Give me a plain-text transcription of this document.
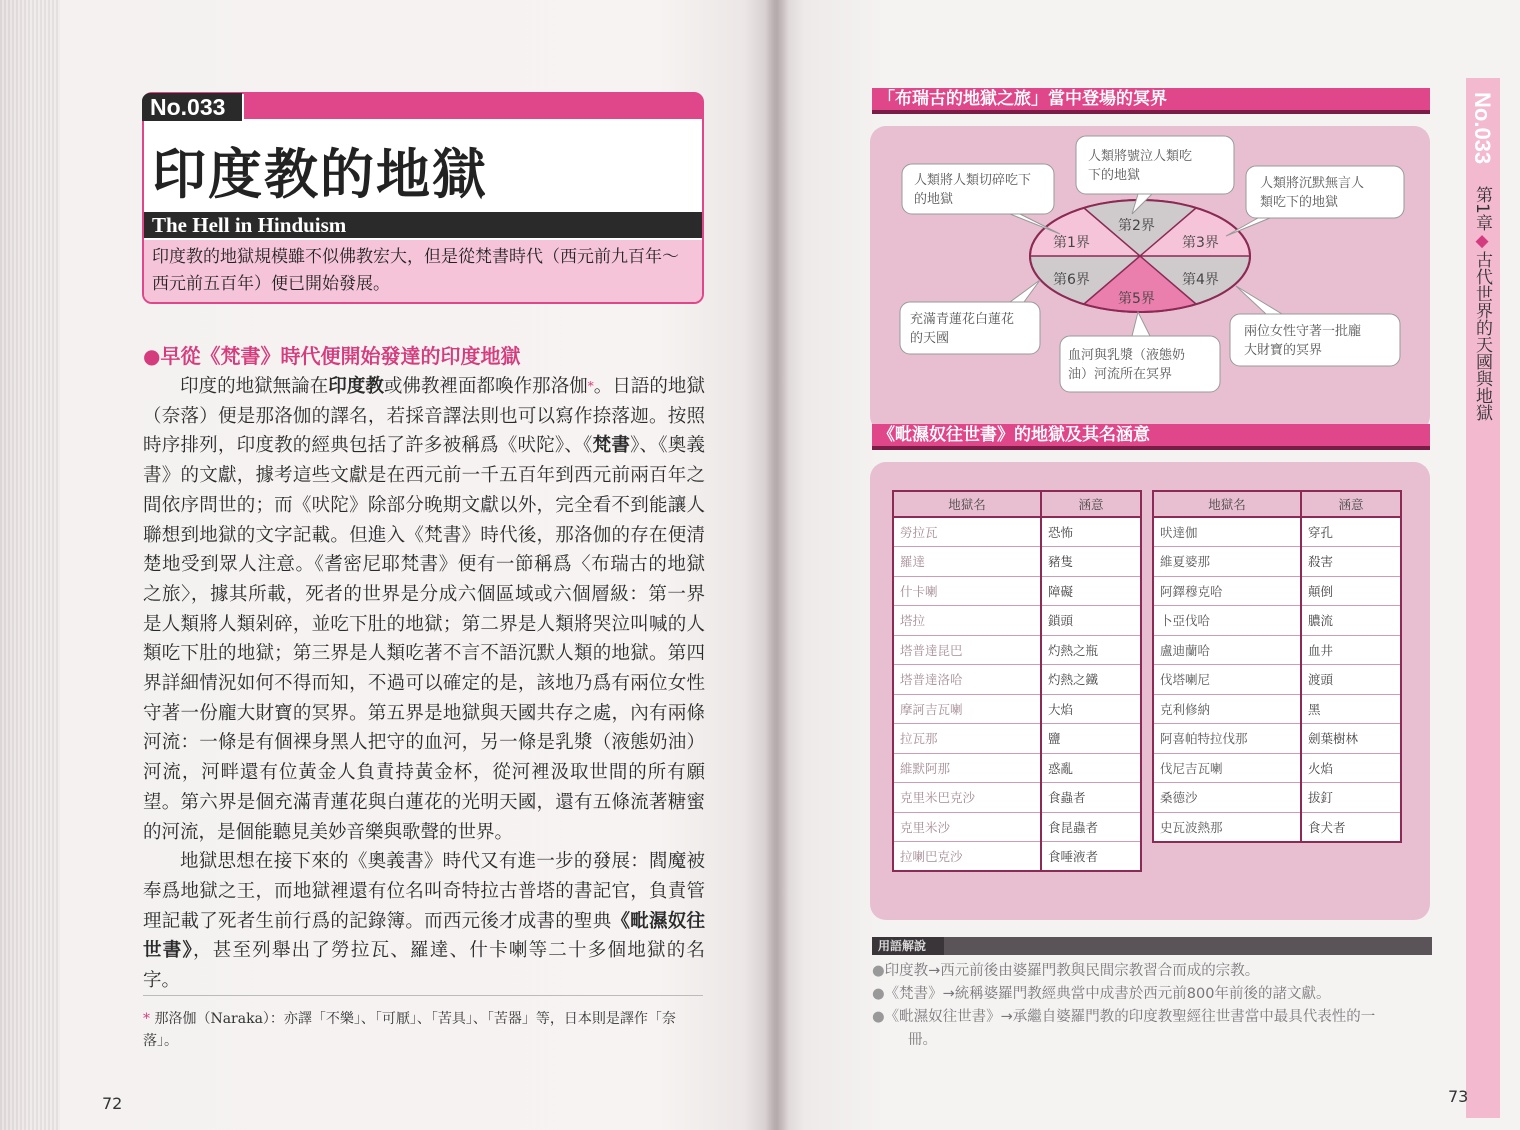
No.033
印度教的地獄
The Hell in Hinduism
印度教的地獄規模雖不似佛教宏大，但是從梵書時代（西元前九百年～西元前五百年）便已開始發展。
●早從《梵書》時代便開始發達的印度地獄

印度的地獄無論在印度教或佛教裡面都喚作那洛伽*。日語的地獄（奈落）便是那洛伽的譯名，若採音譯法則也可以寫作捺落迦。按照時序排列，印度教的經典包括了許多被稱爲《吠陀》、《梵書》、《奧義書》的文獻，據考這些文獻是在西元前一千五百年到西元前兩百年之間依序問世的；而《吠陀》除部分晚期文獻以外，完全看不到能讓人聯想到地獄的文字記載。但進入《梵書》時代後，那洛伽的存在便清楚地受到眾人注意。《耆密尼耶梵書》便有一節稱爲〈布瑞古的地獄之旅〉，據其所載，死者的世界是分成六個區域或六個層級：第一界是人類將人類剁碎，並吃下肚的地獄；第二界是人類將哭泣叫喊的人類吃下肚的地獄；第三界是人類吃著不言不語沉默人類的地獄。第四界詳細情況如何不得而知，不過可以確定的是，該地乃爲有兩位女性守著一份龐大財寶的冥界。第五界是地獄與天國共存之處，內有兩條河流：一條是有個裸身黑人把守的血河，另一條是乳漿（液態奶油）河流，河畔還有位黃金人負責持黃金杯，從河裡汲取世間的所有願望。第六界是個充滿青蓮花與白蓮花的光明天國，還有五條流著糖蜜的河流，是個能聽見美妙音樂與歌聲的世界。

地獄思想在接下來的《奧義書》時代又有進一步的發展：閻魔被奉爲地獄之王，而地獄裡還有位名叫奇特拉古普塔的書記官，負責管理記載了死者生前行爲的記錄簿。而西元後才成書的聖典《毗濕奴往世書》，甚至列舉出了勞拉瓦、羅達、什卡喇等二十多個地獄的名字。

* 那洛伽（Naraka）：亦譯「不樂」、「可厭」、「苦具」、「苦器」等，日本則是譯作「奈落」。
72
「布瑞古的地獄之旅」當中登場的冥界
第1界
第2界
第3界
第4界
第5界
第6界
人類將人類切碎吃下
的地獄
人類將號泣人類吃
下的地獄
人類將沉默無言人
類吃下的地獄
兩位女性守著一批龐
大財寶的冥界
血河與乳漿（液態奶
油）河流所在冥界
充滿青蓮花白蓮花
的天國
《毗濕奴往世書》的地獄及其名涵意
地獄名	涵意
勞拉瓦	恐怖
羅達	豬隻
什卡喇	障礙
塔拉	鎖頭
塔普達昆巴	灼熱之瓶
塔普達洛哈	灼熱之鐵
摩訶吉瓦喇	大焰
拉瓦那	鹽
維默阿那	惑亂
克里米巴克沙	食蟲者
克里米沙	食昆蟲者
拉喇巴克沙	食唾液者
地獄名	涵意
吠達伽	穿孔
維夏婆那	殺害
阿鐸穆克哈	顛倒
卜亞伐哈	膿流
盧迪蘭哈	血井
伐塔喇尼	渡頭
克利修納	黑
阿喜帕特拉伐那	劍葉樹林
伐尼吉瓦喇	火焰
桑德沙	拔釘
史瓦波熱那	食犬者
用語解說
●印度教→西元前後由婆羅門教與民間宗教習合而成的宗教。
●《梵書》→統稱婆羅門教經典當中成書於西元前800年前後的諸文獻。
●《毗濕奴往世書》→承繼自婆羅門教的印度教聖經往世書當中最具代表性的一
冊。
No.033
第1章◆古代世界的天國與地獄
73
